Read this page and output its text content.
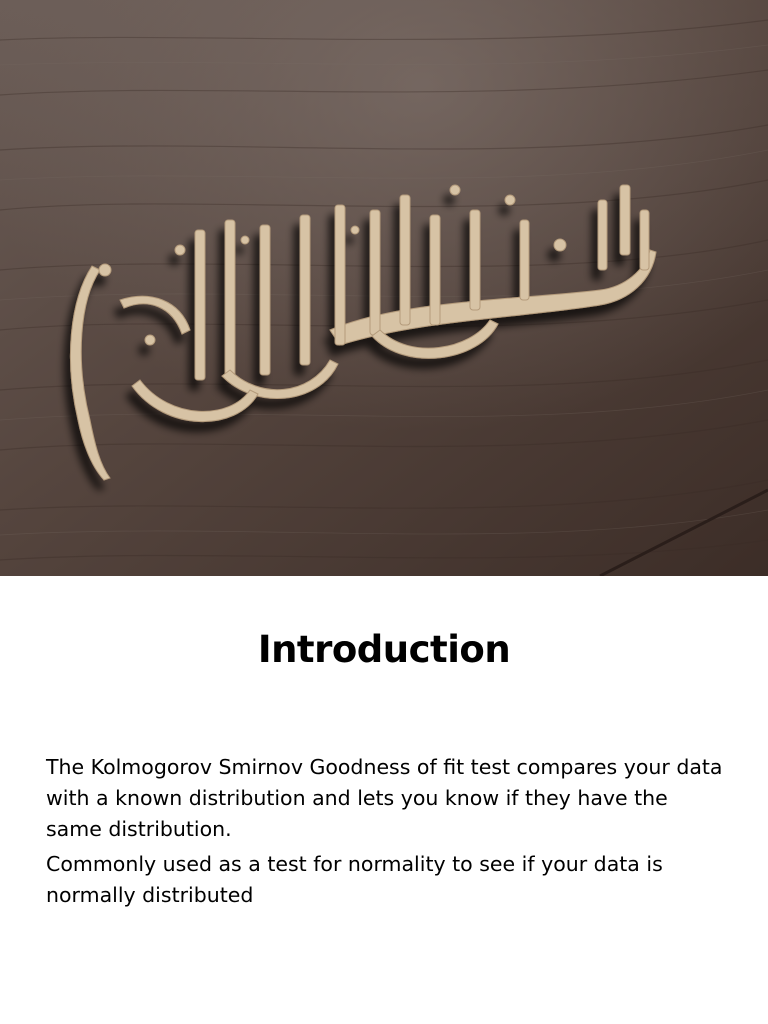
Introduction

The Kolmogorov Smirnov Goodness of fit test compares your data with a known distribution and lets you know if they have the same distribution.

Commonly used as a test for normality to see if your data is normally distributed
